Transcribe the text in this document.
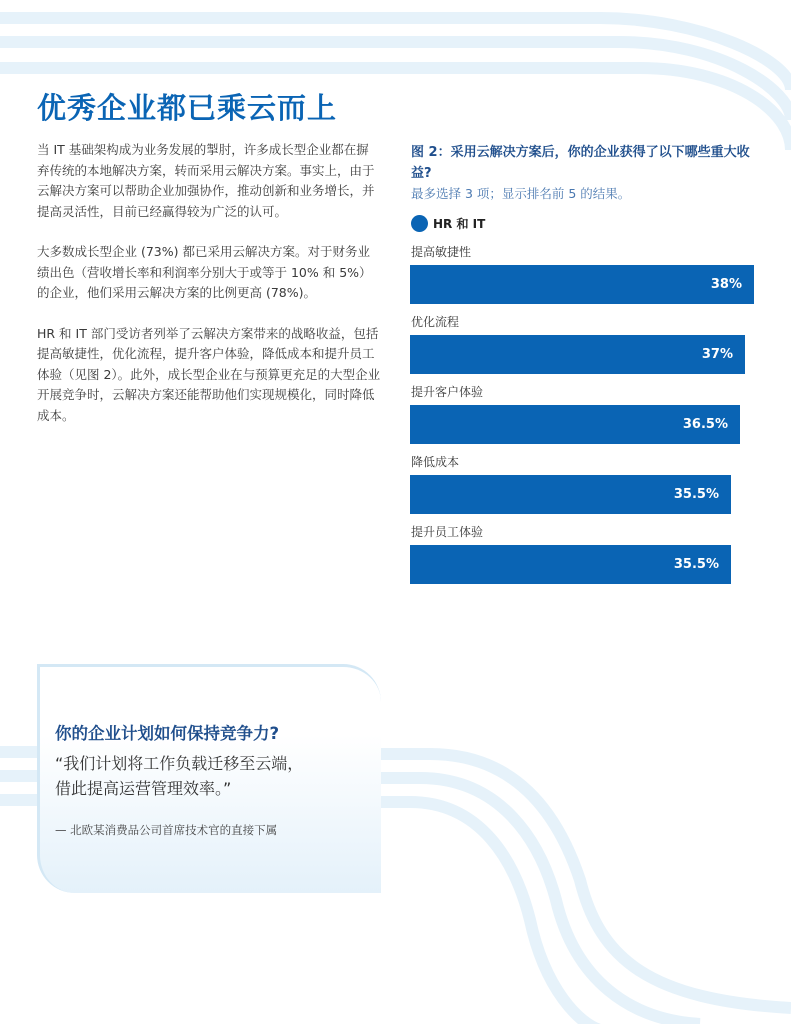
优秀企业都已乘云而上

当 IT 基础架构成为业务发展的掣肘，许多成长型企业都在摒弃传统的本地解决方案，转而采用云解决方案。事实上，由于云解决方案可以帮助企业加强协作，推动创新和业务增长，并提高灵活性，目前已经赢得较为广泛的认可。

大多数成长型企业 (73%) 都已采用云解决方案。对于财务业绩出色（营收增长率和利润率分别大于或等于 10% 和 5%）的企业，他们采用云解决方案的比例更高 (78%)。

HR 和 IT 部门受访者列举了云解决方案带来的战略收益，包括提高敏捷性，优化流程，提升客户体验，降低成本和提升员工体验（见图 2）。此外，成长型企业在与预算更充足的大型企业开展竞争时，云解决方案还能帮助他们实现规模化，同时降低成本。

图 2：采用云解决方案后，你的企业获得了以下哪些重大收益?
最多选择 3 项；显示排名前 5 的结果。
HR 和 IT
提高敏捷性
38%
优化流程
37%
提升客户体验
36.5%
降低成本
35.5%
提升员工体验
35.5%
你的企业计划如何保持竞争力?
“我们计划将工作负载迁移至云端，
借此提高运营管理效率。”
— 北欧某消费品公司首席技术官的直接下属
